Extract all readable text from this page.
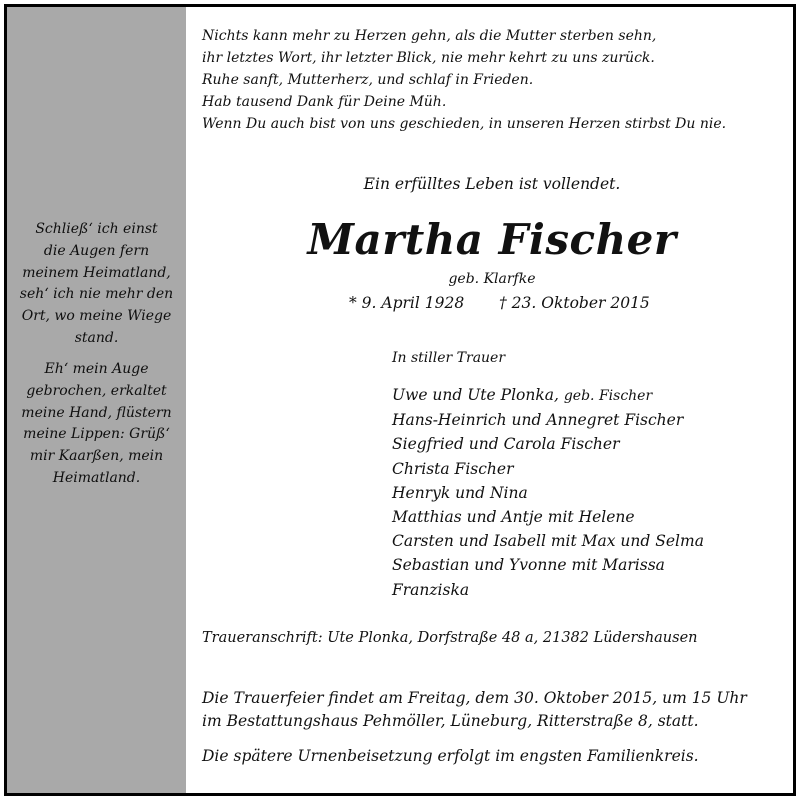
Schließ‘ ich einst
die Augen fern
meinem Heimatland,
seh‘ ich nie mehr den
Ort, wo meine Wiege
stand.

Eh‘ mein Auge
gebrochen, erkaltet
meine Hand, flüstern
meine Lippen: Grüß‘
mir Kaarßen, mein
Heimatland.

Nichts kann mehr zu Herzen gehn, als die Mutter sterben sehn,
ihr letztes Wort, ihr letzter Blick, nie mehr kehrt zu uns zurück.
Ruhe sanft, Mutterherz, und schlaf in Frieden.
Hab tausend Dank für Deine Müh.
Wenn Du auch bist von uns geschieden, in unseren Herzen stirbst Du nie.

Ein erfülltes Leben ist vollendet.

Martha Fischer

geb. Klarfke

* 9. April 1928 † 23. Oktober 2015

In stiller Trauer

Uwe und Ute Plonka, geb. Fischer
Hans-Heinrich und Annegret Fischer
Siegfried und Carola Fischer
Christa Fischer
Henryk und Nina
Matthias und Antje mit Helene
Carsten und Isabell mit Max und Selma
Sebastian und Yvonne mit Marissa
Franziska

Traueranschrift: Ute Plonka, Dorfstraße 48 a, 21382 Lüdershausen

Die Trauerfeier findet am Freitag, dem 30. Oktober 2015, um 15 Uhr
im Bestattungshaus Pehmöller, Lüneburg, Ritterstraße 8, statt.

Die spätere Urnenbeisetzung erfolgt im engsten Familienkreis.
